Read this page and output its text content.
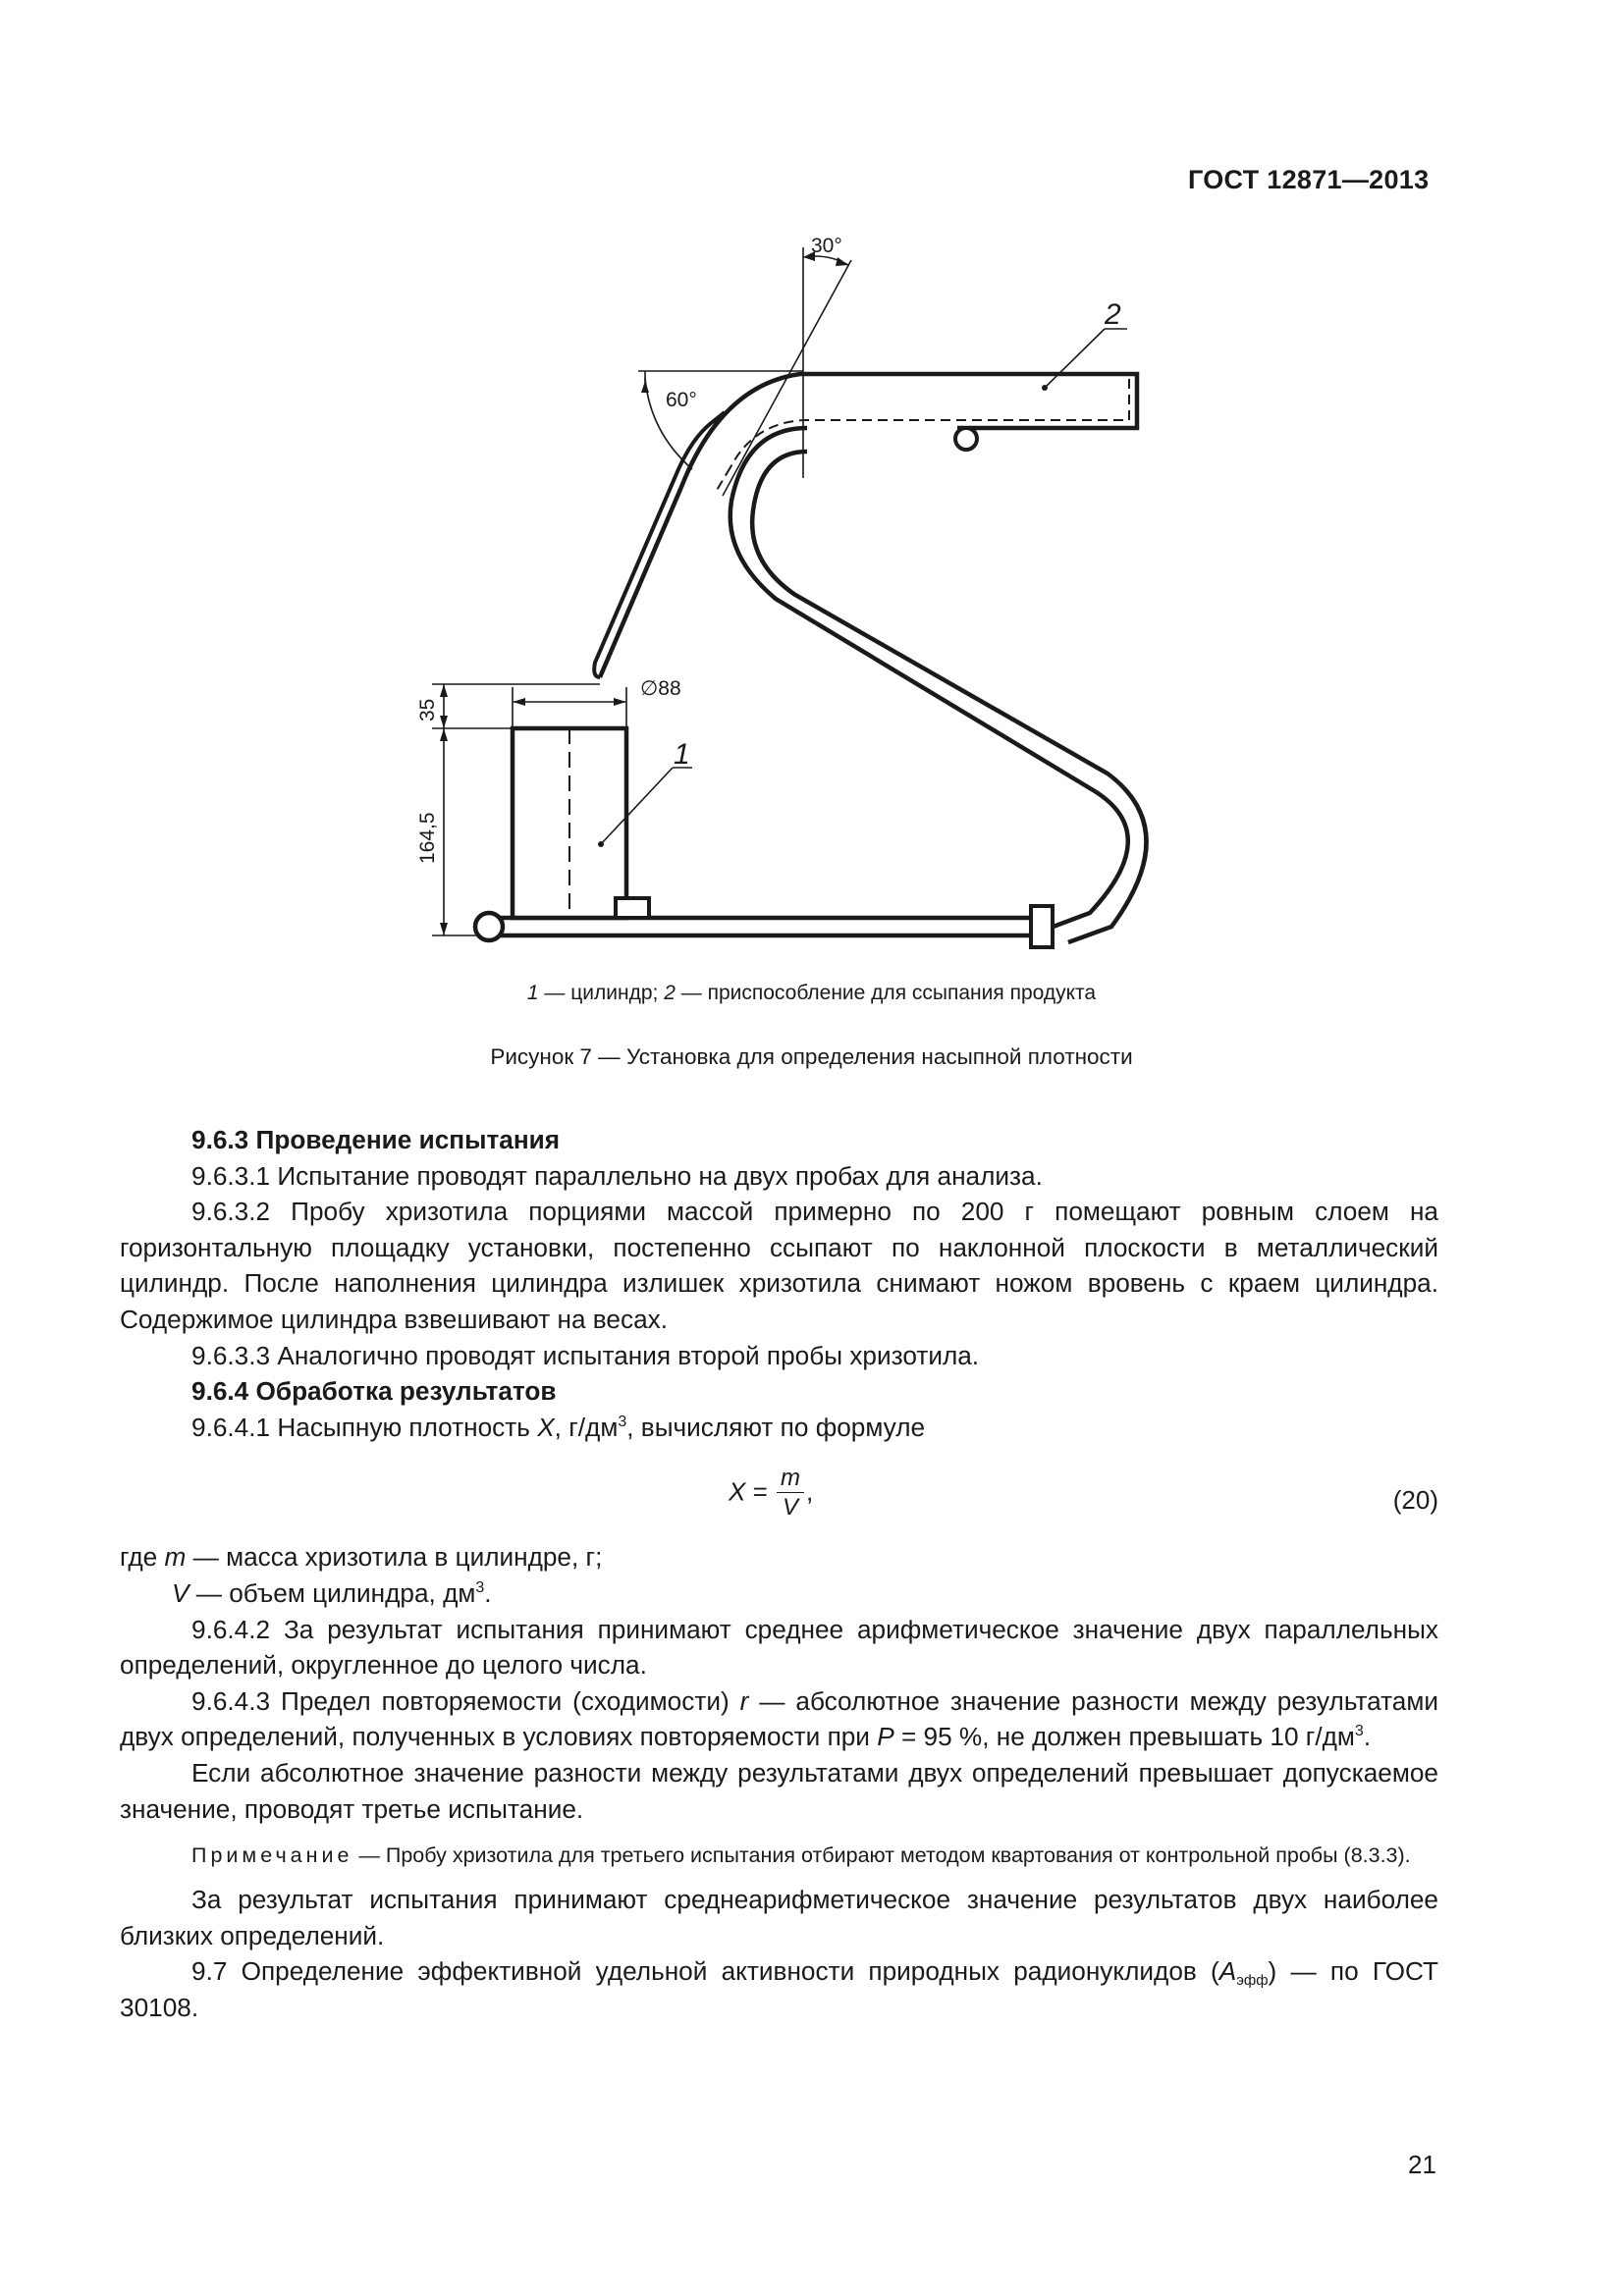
ГОСТ 12871—2013
30°
60°
∅88
35
164,5
1
2
1 — цилиндр; 2 — приспособление для ссыпания продукта
Рисунок 7 — Установка для определения насыпной плотности

9.6.3 Проведение испытания

9.6.3.1 Испытание проводят параллельно на двух пробах для анализа.

9.6.3.2 Пробу хризотила порциями массой примерно по 200 г помещают ровным слоем на горизонтальную площадку установки, постепенно ссыпают по наклонной плоскости в металлический цилиндр. После наполнения цилиндра излишек хризотила снимают ножом вровень с краем цилиндра. Содержимое цилиндра взвешивают на весах.

9.6.3.3 Аналогично проводят испытания второй пробы хризотила.

9.6.4 Обработка результатов

9.6.4.1 Насыпную плотность X, $г/дм^3$, вычисляют по формуле

$X = \frac{m}{V}$ ,	(20)

где m — масса хризотила в цилиндре, г;

V — объем цилиндра, $дм^3$.

9.6.4.2 За результат испытания принимают среднее арифметическое значение двух параллельных определений, округленное до целого числа.

9.6.4.3 Предел повторяемости (сходимости) r — абсолютное значение разности между результатами двух определений, полученных в условиях повторяемости при P = 95 %, не должен превышать 10 $г/дм^3$.

Если абсолютное значение разности между результатами двух определений превышает допускаемое значение, проводят третье испытание.

Примечание — Пробу хризотила для третьего испытания отбирают методом квартования от контрольной пробы (8.3.3).

За результат испытания принимают среднеарифметическое значение результатов двух наиболее близких определений.

9.7 Определение эффективной удельной активности природных радионуклидов $(A_{эфф})$ — по ГОСТ 30108.

21
